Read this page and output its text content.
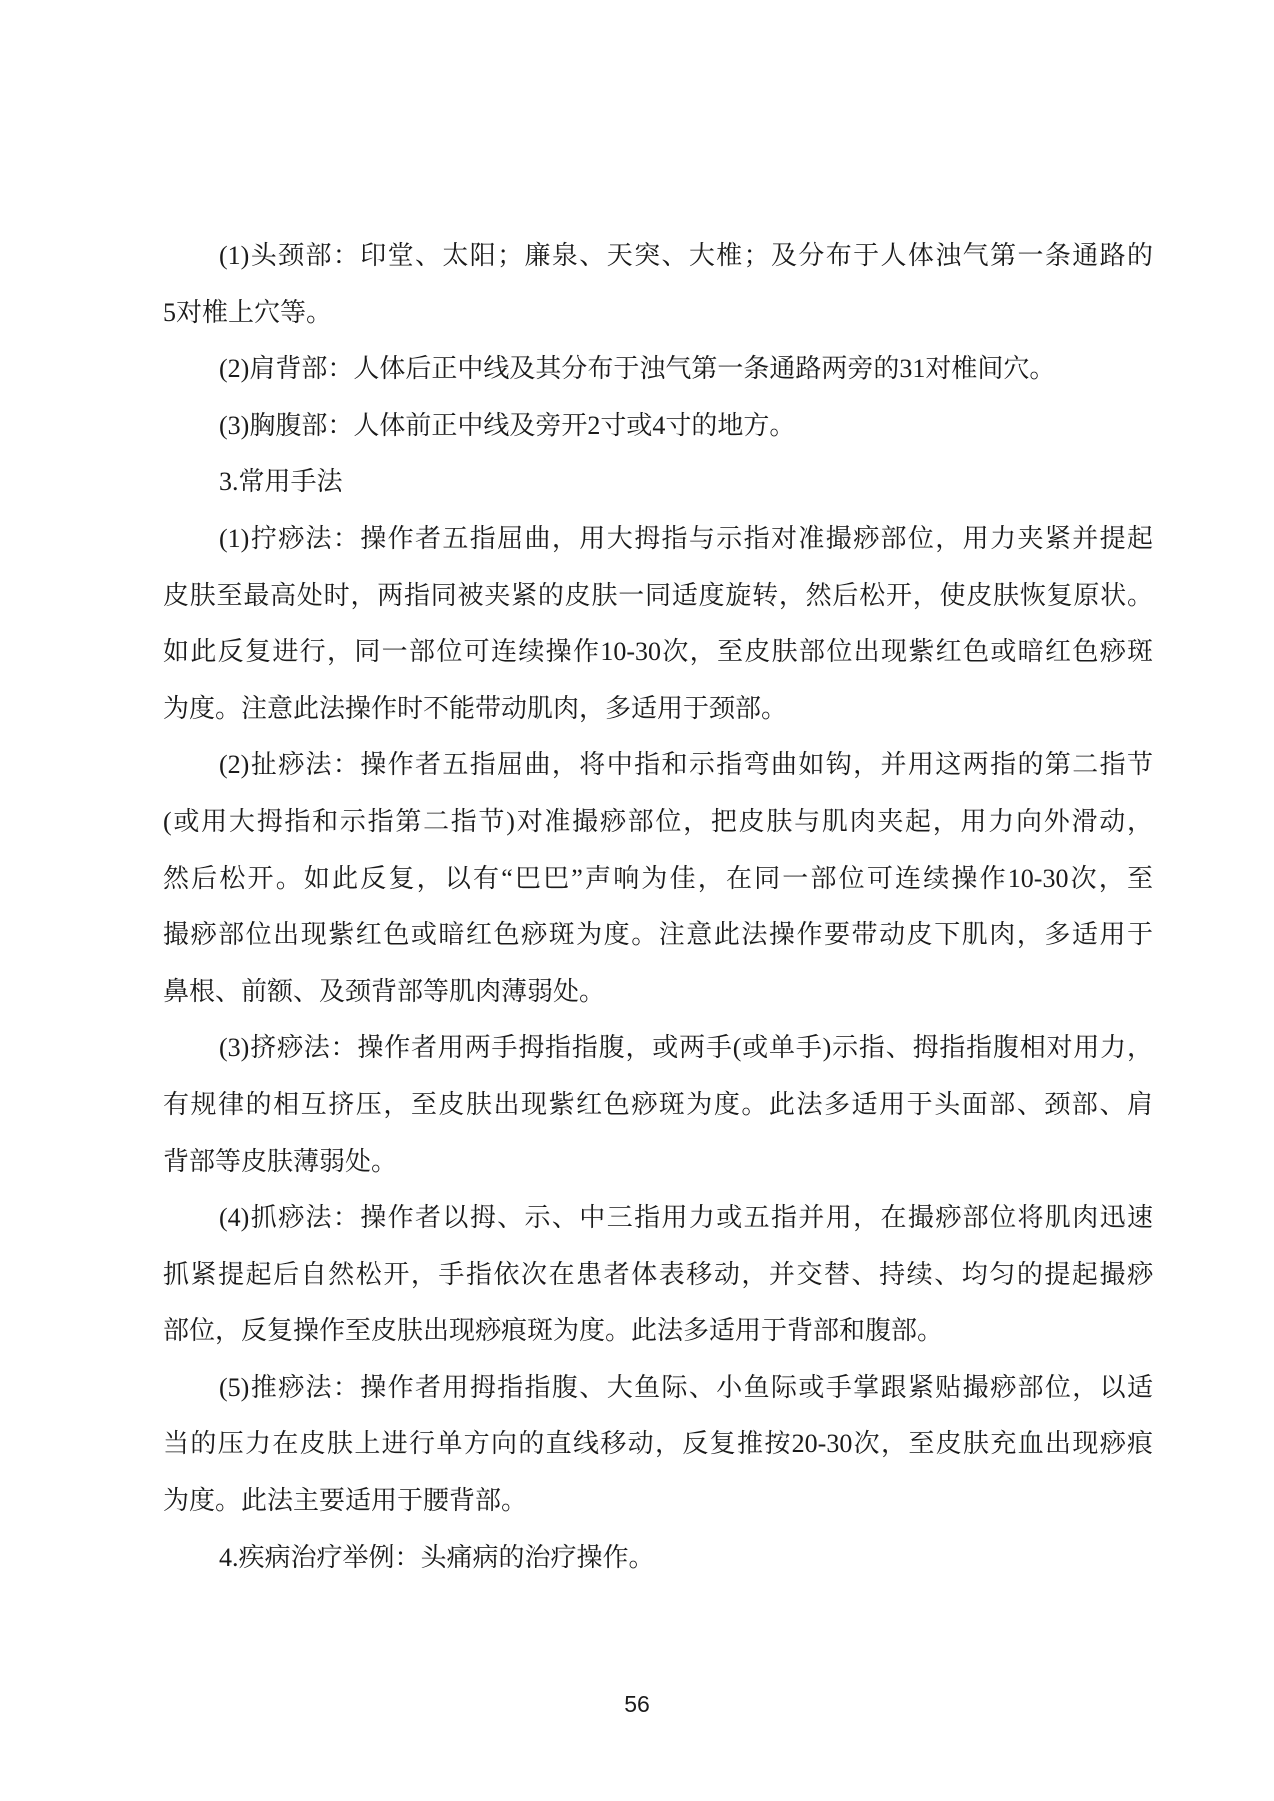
(1)头颈部：印堂、太阳；廉泉、天突、大椎；及分布于人体浊气第一条通路的
5对椎上穴等。
(2)肩背部：人体后正中线及其分布于浊气第一条通路两旁的31对椎间穴。
(3)胸腹部：人体前正中线及旁开2寸或4寸的地方。
3.常用手法
(1)拧痧法：操作者五指屈曲，用大拇指与示指对准撮痧部位，用力夹紧并提起
皮肤至最高处时，两指同被夹紧的皮肤一同适度旋转，然后松开，使皮肤恢复原状。
如此反复进行，同一部位可连续操作10-30次，至皮肤部位出现紫红色或暗红色痧斑
为度。注意此法操作时不能带动肌肉，多适用于颈部。
(2)扯痧法：操作者五指屈曲，将中指和示指弯曲如钩，并用这两指的第二指节
(或用大拇指和示指第二指节)对准撮痧部位，把皮肤与肌肉夹起，用力向外滑动，
然后松开。如此反复，以有“巴巴”声响为佳，在同一部位可连续操作10-30次，至
撮痧部位出现紫红色或暗红色痧斑为度。注意此法操作要带动皮下肌肉，多适用于
鼻根、前额、及颈背部等肌肉薄弱处。
(3)挤痧法：操作者用两手拇指指腹，或两手(或单手)示指、拇指指腹相对用力，
有规律的相互挤压，至皮肤出现紫红色痧斑为度。此法多适用于头面部、颈部、肩
背部等皮肤薄弱处。
(4)抓痧法：操作者以拇、示、中三指用力或五指并用，在撮痧部位将肌肉迅速
抓紧提起后自然松开，手指依次在患者体表移动，并交替、持续、均匀的提起撮痧
部位，反复操作至皮肤出现痧痕斑为度。此法多适用于背部和腹部。
(5)推痧法：操作者用拇指指腹、大鱼际、小鱼际或手掌跟紧贴撮痧部位，以适
当的压力在皮肤上进行单方向的直线移动，反复推按20-30次，至皮肤充血出现痧痕
为度。此法主要适用于腰背部。
4.疾病治疗举例：头痛病的治疗操作。
56
